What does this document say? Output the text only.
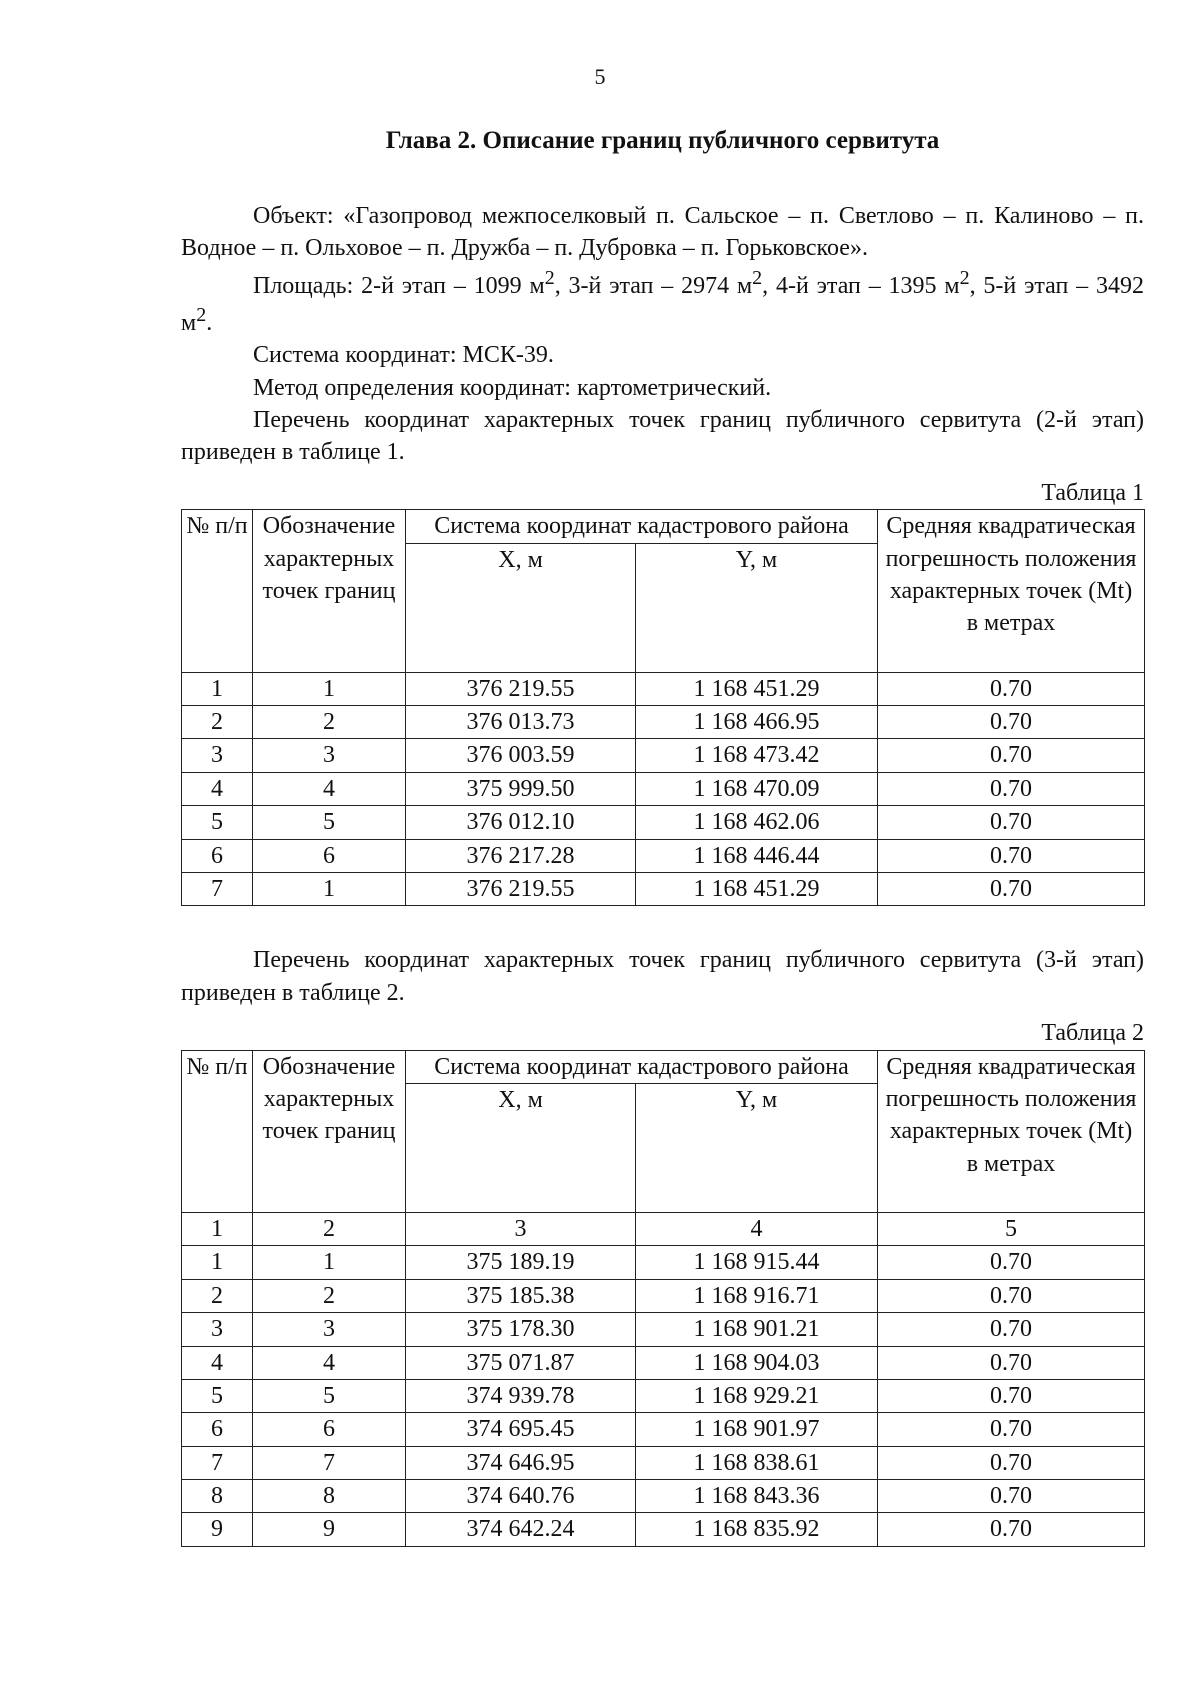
5
Глава 2. Описание границ публичного сервитута

Объект: «Газопровод межпоселковый п. Сальское – п. Светлово – п. Калиново – п. Водное – п. Ольховое – п. Дружба – п. Дубровка – п. Горьковское».

Площадь: 2-й этап – 1099 $м^2$, 3-й этап – 2974 $м^2$, 4-й этап – 1395 $м^2$, 5-й этап – 3492 $м^2$.

Система координат: МСК-39.

Метод определения координат: картометрический.

Перечень координат характерных точек границ публичного сервитута (2-й этап) приведен в таблице 1.

Таблица 1
№ п/п	Обозначение характерных точек границ	Система координат кадастрового района		Средняя квадратическая погрешность положения характерных точек (Mt) в метрах
		X, м	Y, м	
1	1	376 219.55	1 168 451.29	0.70
2	2	376 013.73	1 168 466.95	0.70
3	3	376 003.59	1 168 473.42	0.70
4	4	375 999.50	1 168 470.09	0.70
5	5	376 012.10	1 168 462.06	0.70
6	6	376 217.28	1 168 446.44	0.70
7	1	376 219.55	1 168 451.29	0.70

Перечень координат характерных точек границ публичного сервитута (3-й этап) приведен в таблице 2.

Таблица 2
№ п/п	Обозначение характерных точек границ	Система координат кадастрового района		Средняя квадратическая погрешность положения характерных точек (Mt) в метрах
		X, м	Y, м	
1	2	3	4	5
1	1	375 189.19	1 168 915.44	0.70
2	2	375 185.38	1 168 916.71	0.70
3	3	375 178.30	1 168 901.21	0.70
4	4	375 071.87	1 168 904.03	0.70
5	5	374 939.78	1 168 929.21	0.70
6	6	374 695.45	1 168 901.97	0.70
7	7	374 646.95	1 168 838.61	0.70
8	8	374 640.76	1 168 843.36	0.70
9	9	374 642.24	1 168 835.92	0.70
